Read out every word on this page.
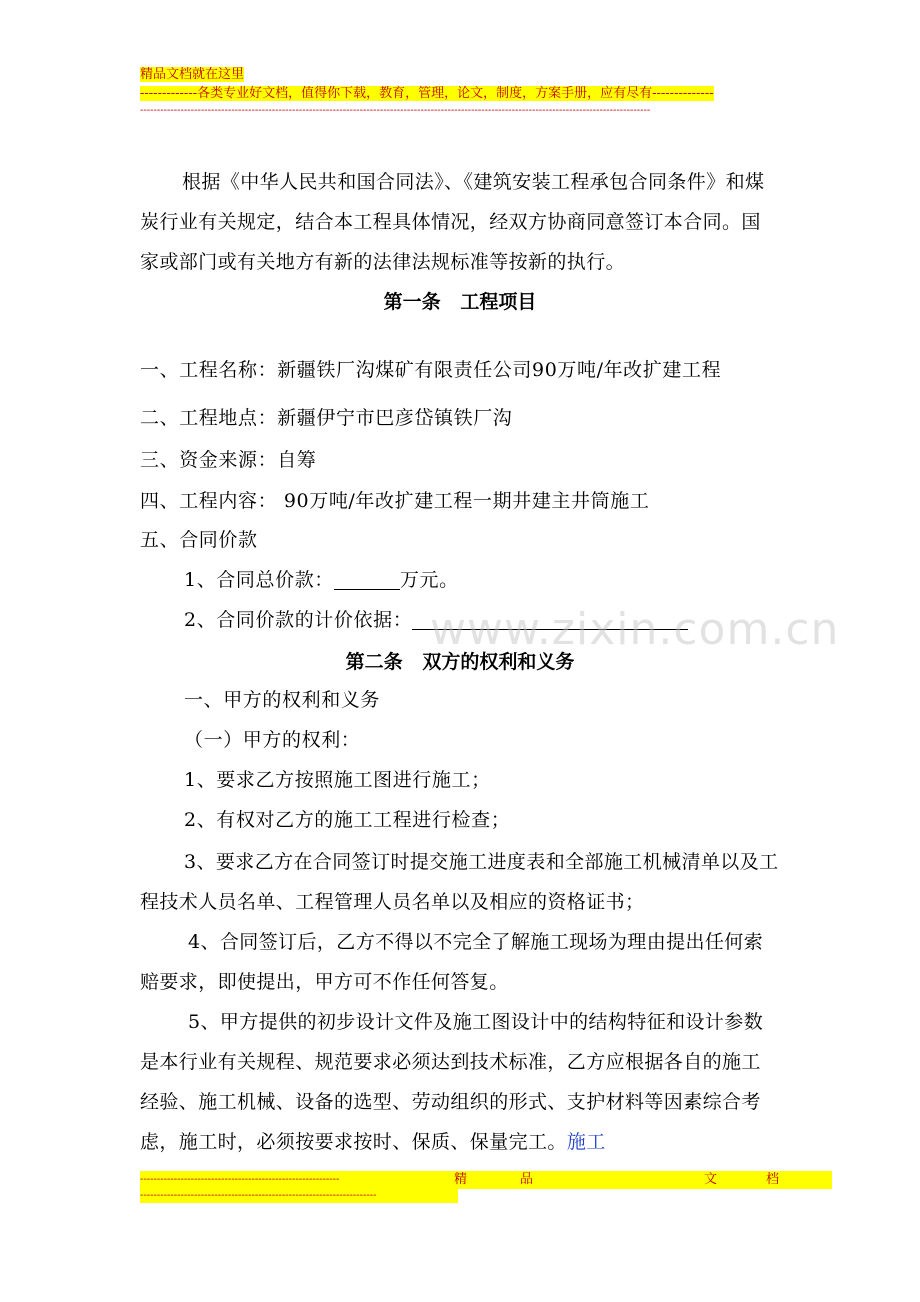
精品文档就在这里
-------------各类专业好文档，值得你下载，教育，管理，论文，制度，方案手册，应有尽有--------------
-------------------------------------------------------------------------------------------------------------------------------------------------------
根据《中华人民共和国合同法》、《建筑安装工程承包合同条件》和煤炭行业有关规定，结合本工程具体情况，经双方协商同意签订本合同。国家或部门或有关地方有新的法律法规标准等按新的执行。
第一条   工程项目
一、工程名称：新疆铁厂沟煤矿有限责任公司90万吨/年改扩建工程
二、工程地点：新疆伊宁市巴彦岱镇铁厂沟
三、资金来源：自筹
四、工程内容： 90万吨/年改扩建工程一期井建主井筒施工
五、合同价款
1、合同总价款：	万元。
2、合同价款的计价依据： www.zixin.com.cn
第二条   双方的权利和义务
一、甲方的权利和义务
（一）甲方的权利：
1、要求乙方按照施工图进行施工；
2、有权对乙方的施工工程进行检查；
3、要求乙方在合同签订时提交施工进度表和全部施工机械清单以及工程技术人员名单、工程管理人员名单以及相应的资格证书；
4、合同签订后，乙方不得以不完全了解施工现场为理由提出任何索赔要求，即使提出，甲方可不作任何答复。
5、甲方提供的初步设计文件及施工图设计中的结构特征和设计参数是本行业有关规程、规范要求必须达到技术标准，乙方应根据各自的施工经验、施工机械、设备的选型、劳动组织的形式、支护材料等因素综合考虑，施工时，必须按要求按时、保质、保量完工。施工
-----------------------------------------------------------	精	品	文	档
----------------------------------------------------------------------
